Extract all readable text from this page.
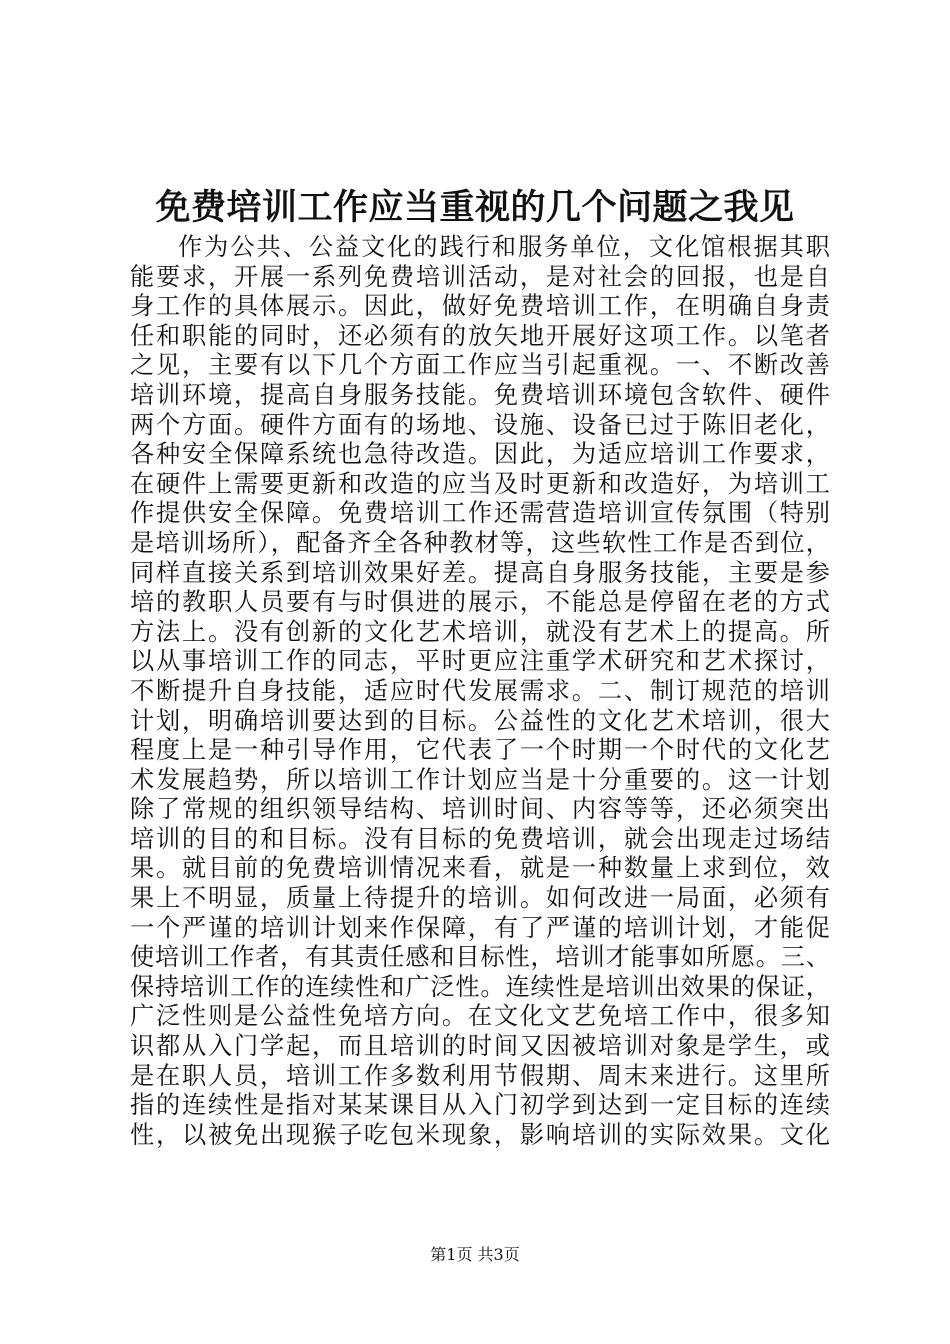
免费培训工作应当重视的几个问题之我见
作为公共、公益文化的践行和服务单位，文化馆根据其职
能要求，开展一系列免费培训活动，是对社会的回报，也是自
身工作的具体展示。因此，做好免费培训工作，在明确自身责
任和职能的同时，还必须有的放矢地开展好这项工作。以笔者
之见，主要有以下几个方面工作应当引起重视。一、不断改善
培训环境，提高自身服务技能。免费培训环境包含软件、硬件
两个方面。硬件方面有的场地、设施、设备已过于陈旧老化，
各种安全保障系统也急待改造。因此，为适应培训工作要求，
在硬件上需要更新和改造的应当及时更新和改造好，为培训工
作提供安全保障。免费培训工作还需营造培训宣传氛围（特别
是培训场所），配备齐全各种教材等，这些软性工作是否到位，
同样直接关系到培训效果好差。提高自身服务技能，主要是参
培的教职人员要有与时俱进的展示，不能总是停留在老的方式
方法上。没有创新的文化艺术培训，就没有艺术上的提高。所
以从事培训工作的同志，平时更应注重学术研究和艺术探讨，
不断提升自身技能，适应时代发展需求。二、制订规范的培训
计划，明确培训要达到的目标。公益性的文化艺术培训，很大
程度上是一种引导作用，它代表了一个时期一个时代的文化艺
术发展趋势，所以培训工作计划应当是十分重要的。这一计划
除了常规的组织领导结构、培训时间、内容等等，还必须突出
培训的目的和目标。没有目标的免费培训，就会出现走过场结
果。就目前的免费培训情况来看，就是一种数量上求到位，效
果上不明显，质量上待提升的培训。如何改进一局面，必须有
一个严谨的培训计划来作保障，有了严谨的培训计划，才能促
使培训工作者，有其责任感和目标性，培训才能事如所愿。三、
保持培训工作的连续性和广泛性。连续性是培训出效果的保证，
广泛性则是公益性免培方向。在文化文艺免培工作中，很多知
识都从入门学起，而且培训的时间又因被培训对象是学生，或
是在职人员，培训工作多数利用节假期、周末来进行。这里所
指的连续性是指对某某课目从入门初学到达到一定目标的连续
性，以被免出现猴子吃包米现象，影响培训的实际效果。文化
第1页 共3页
